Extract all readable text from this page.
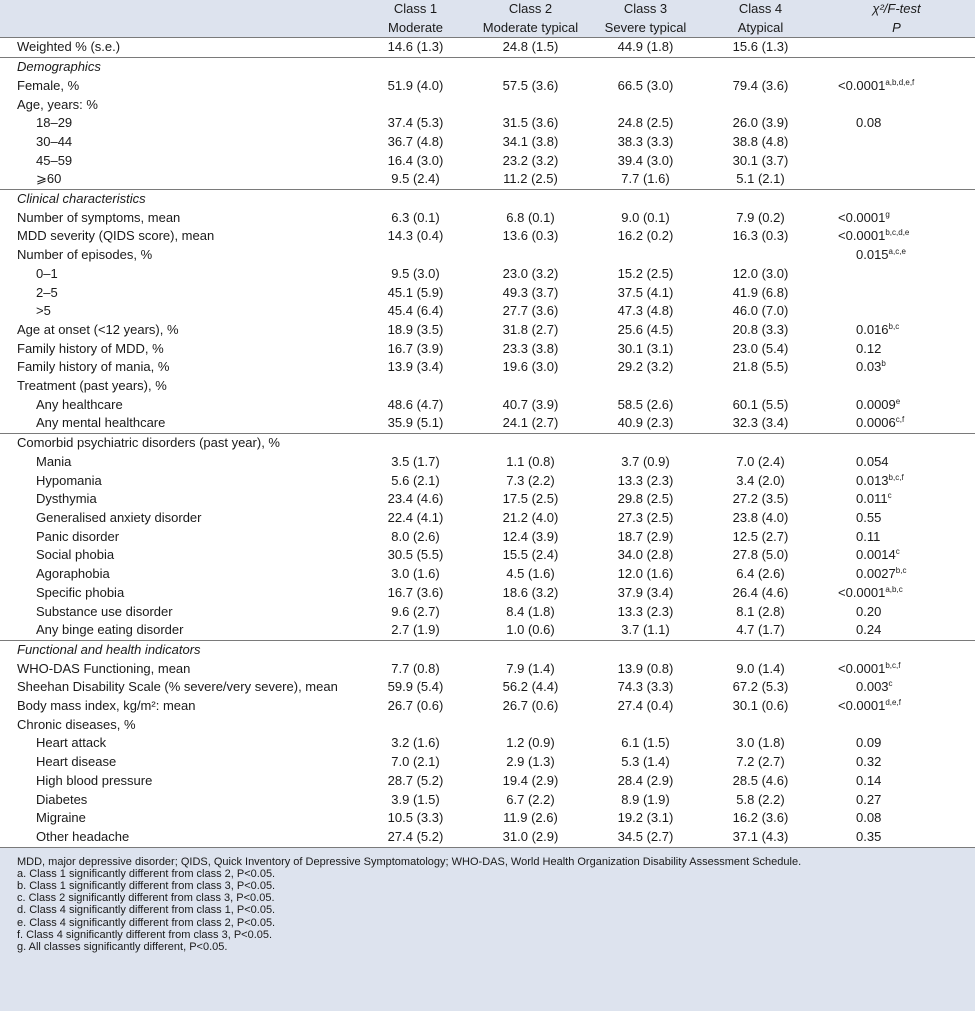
	Class 1	Class 2	Class 3	Class 4	χ²/F-test
	Moderate	Moderate typical	Severe typical	Atypical	P
Weighted % (s.e.)	14.6 (1.3)	24.8 (1.5)	44.9 (1.8)	15.6 (1.3)	
Demographics					
Female, %	51.9 (4.0)	57.5 (3.6)	66.5 (3.0)	79.4 (3.6)	$<0.0001^{a,b,d,e,f}$
Age, years: %					
18–29	37.4 (5.3)	31.5 (3.6)	24.8 (2.5)	26.0 (3.9)	0.08
30–44	36.7 (4.8)	34.1 (3.8)	38.3 (3.3)	38.8 (4.8)	
45–59	16.4 (3.0)	23.2 (3.2)	39.4 (3.0)	30.1 (3.7)	
⩾60	9.5 (2.4)	11.2 (2.5)	7.7 (1.6)	5.1 (2.1)	
Clinical characteristics					
Number of symptoms, mean	6.3 (0.1)	6.8 (0.1)	9.0 (0.1)	7.9 (0.2)	<0.0001$^g$
MDD severity (QIDS score), mean	14.3 (0.4)	13.6 (0.3)	16.2 (0.2)	16.3 (0.3)	$<0.0001^{b,c,d,e}$
Number of episodes, %					0.015$^{a,c,e}$
0–1	9.5 (3.0)	23.0 (3.2)	15.2 (2.5)	12.0 (3.0)	
2–5	45.1 (5.9)	49.3 (3.7)	37.5 (4.1)	41.9 (6.8)	
>5	45.4 (6.4)	27.7 (3.6)	47.3 (4.8)	46.0 (7.0)	
Age at onset (<12 years), %	18.9 (3.5)	31.8 (2.7)	25.6 (4.5)	20.8 (3.3)	0.016$^{b,c}$
Family history of MDD, %	16.7 (3.9)	23.3 (3.8)	30.1 (3.1)	23.0 (5.4)	0.12
Family history of mania, %	13.9 (3.4)	19.6 (3.0)	29.2 (3.2)	21.8 (5.5)	0.03$^b$
Treatment (past years), %					
Any healthcare	48.6 (4.7)	40.7 (3.9)	58.5 (2.6)	60.1 (5.5)	0.0009e
Any mental healthcare	35.9 (5.1)	24.1 (2.7)	40.9 (2.3)	32.3 (3.4)	0.0006$^{c,f}$
Comorbid psychiatric disorders (past year), %					
Mania	3.5 (1.7)	1.1 (0.8)	3.7 (0.9)	7.0 (2.4)	0.054
Hypomania	5.6 (2.1)	7.3 (2.2)	13.3 (2.3)	3.4 (2.0)	0.013$^{b,c,f}$
Dysthymia	23.4 (4.6)	17.5 (2.5)	29.8 (2.5)	27.2 (3.5)	0.011$^c$
Generalised anxiety disorder	22.4 (4.1)	21.2 (4.0)	27.3 (2.5)	23.8 (4.0)	0.55
Panic disorder	8.0 (2.6)	12.4 (3.9)	18.7 (2.9)	12.5 (2.7)	0.11
Social phobia	30.5 (5.5)	15.5 (2.4)	34.0 (2.8)	27.8 (5.0)	0.0014$^c$
Agoraphobia	3.0 (1.6)	4.5 (1.6)	12.0 (1.6)	6.4 (2.6)	0.0027$^{b,c}$
Specific phobia	16.7 (3.6)	18.6 (3.2)	37.9 (3.4)	26.4 (4.6)	$<0.0001^{a,b,c}$
Substance use disorder	9.6 (2.7)	8.4 (1.8)	13.3 (2.3)	8.1 (2.8)	0.20
Any binge eating disorder	2.7 (1.9)	1.0 (0.6)	3.7 (1.1)	4.7 (1.7)	0.24
Functional and health indicators					
WHO-DAS Functioning, mean	7.7 (0.8)	7.9 (1.4)	13.9 (0.8)	9.0 (1.4)	$<0.0001^{b,c,f}$
Sheehan Disability Scale (% severe/very severe), mean	59.9 (5.4)	56.2 (4.4)	74.3 (3.3)	67.2 (5.3)	0.003$^c$
Body mass index, kg/m²: mean	26.7 (0.6)	26.7 (0.6)	27.4 (0.4)	30.1 (0.6)	$<0.0001^{d,e,f}$
Chronic diseases, %					
Heart attack	3.2 (1.6)	1.2 (0.9)	6.1 (1.5)	3.0 (1.8)	0.09
Heart disease	7.0 (2.1)	2.9 (1.3)	5.3 (1.4)	7.2 (2.7)	0.32
High blood pressure	28.7 (5.2)	19.4 (2.9)	28.4 (2.9)	28.5 (4.6)	0.14
Diabetes	3.9 (1.5)	6.7 (2.2)	8.9 (1.9)	5.8 (2.2)	0.27
Migraine	10.5 (3.3)	11.9 (2.6)	19.2 (3.1)	16.2 (3.6)	0.08
Other headache	27.4 (5.2)	31.0 (2.9)	34.5 (2.7)	37.1 (4.3)	0.35
MDD, major depressive disorder; QIDS, Quick Inventory of Depressive Symptomatology; WHO-DAS, World Health Organization Disability Assessment Schedule.
a. Class 1 significantly different from class 2, P<0.05.
b. Class 1 significantly different from class 3, P<0.05.
c. Class 2 significantly different from class 3, P<0.05.
d. Class 4 significantly different from class 1, P<0.05.
e. Class 4 significantly different from class 2, P<0.05.
f. Class 4 significantly different from class 3, P<0.05.
g. All classes significantly different, P<0.05.
